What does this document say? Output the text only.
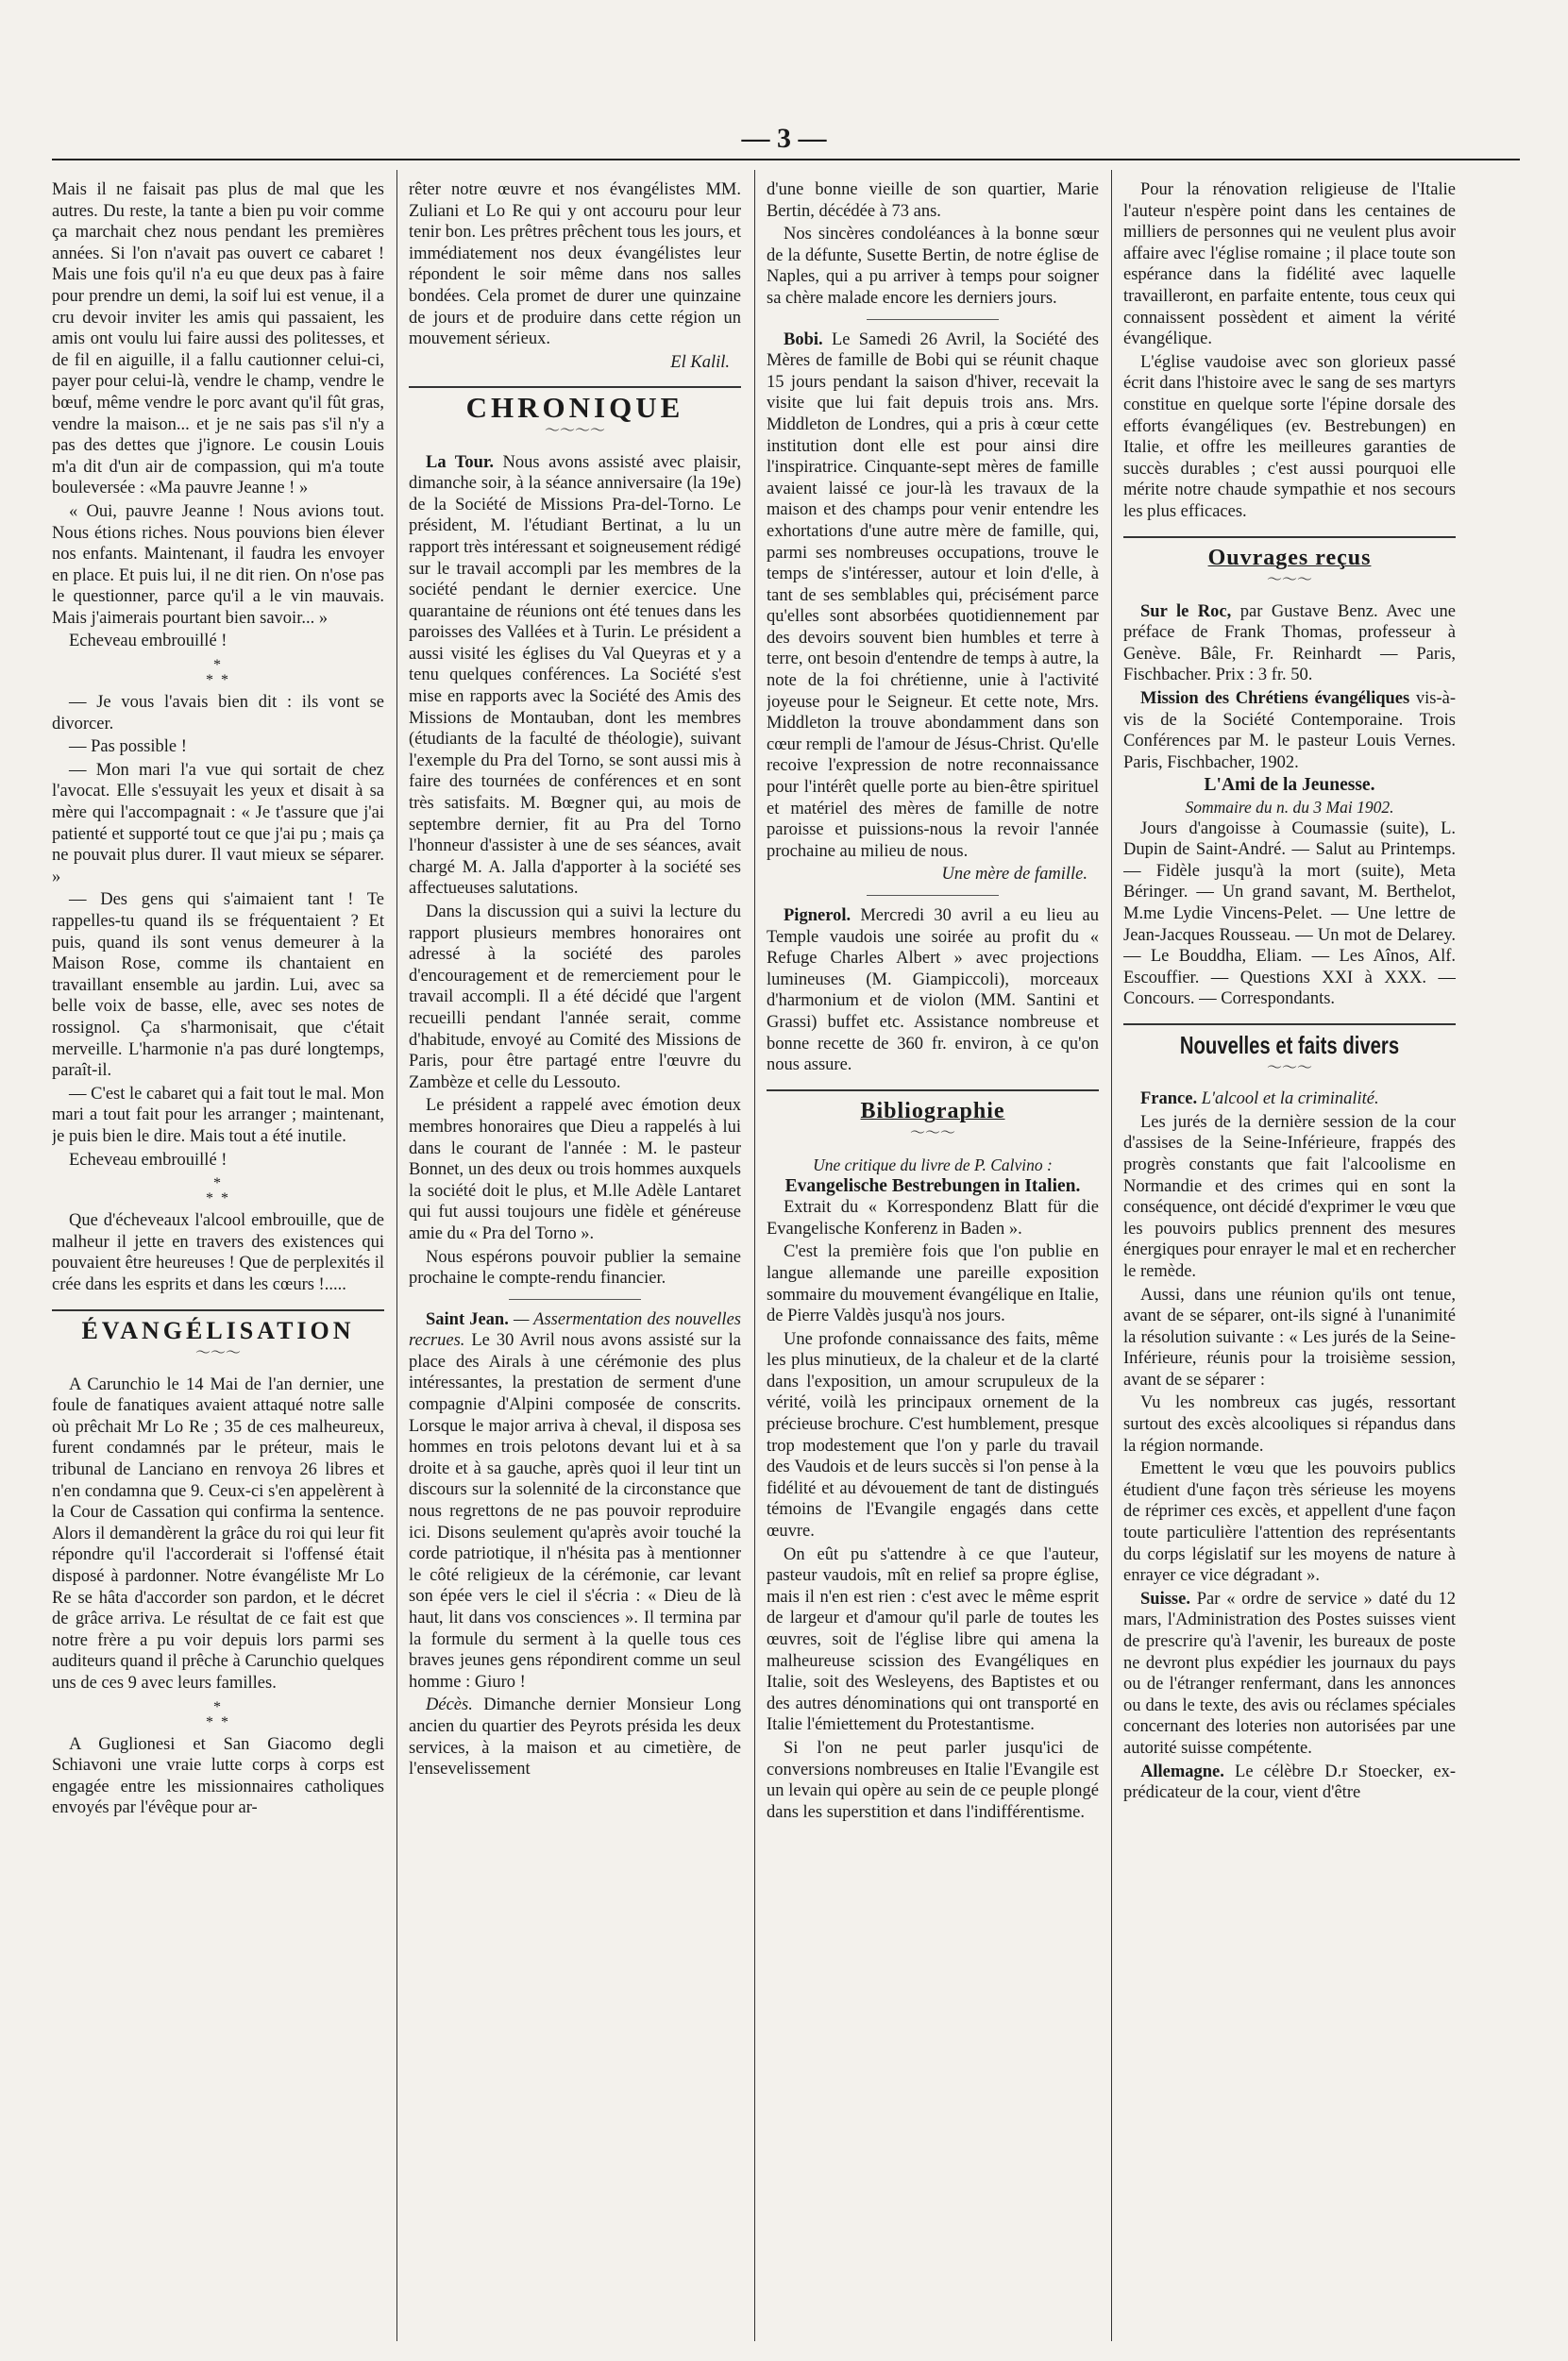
— 3 —

Mais il ne faisait pas plus de mal que les autres. Du reste, la tante a bien pu voir comme ça marchait chez nous pendant les premières années. Si l'on n'avait pas ouvert ce cabaret ! Mais une fois qu'il n'a eu que deux pas à faire pour prendre un demi, la soif lui est venue, il a cru devoir inviter les amis qui passaient, les amis ont voulu lui faire aussi des politesses, et de fil en aiguille, il a fallu cautionner celui-ci, payer pour celui-là, vendre le champ, vendre le bœuf, même vendre le porc avant qu'il fût gras, vendre la maison... et je ne sais pas s'il n'y a pas des dettes que j'ignore. Le cousin Louis m'a dit d'un air de compassion, qui m'a toute bouleversée : «Ma pauvre Jeanne ! »

« Oui, pauvre Jeanne ! Nous avions tout. Nous étions riches. Nous pouvions bien élever nos enfants. Maintenant, il faudra les envoyer en place. Et puis lui, il ne dit rien. On n'ose pas le questionner, parce qu'il a le vin mauvais. Mais j'aimerais pourtant bien savoir... »

Echeveau embrouillé !

*
* *

— Je vous l'avais bien dit : ils vont se divorcer.

— Pas possible !

— Mon mari l'a vue qui sortait de chez l'avocat. Elle s'essuyait les yeux et disait à sa mère qui l'accompagnait : « Je t'assure que j'ai patienté et supporté tout ce que j'ai pu ; mais ça ne pouvait plus durer. Il vaut mieux se séparer. »

— Des gens qui s'aimaient tant ! Te rappelles-tu quand ils se fréquentaient ? Et puis, quand ils sont venus demeurer à la Maison Rose, comme ils chantaient en travaillant ensemble au jardin. Lui, avec sa belle voix de basse, elle, avec ses notes de rossignol. Ça s'harmonisait, que c'était merveille. L'harmonie n'a pas duré longtemps, paraît-il.

— C'est le cabaret qui a fait tout le mal. Mon mari a tout fait pour les arranger ; maintenant, je puis bien le dire. Mais tout a été inutile.

Echeveau embrouillé !

*
* *

Que d'écheveaux l'alcool embrouille, que de malheur il jette en travers des existences qui pouvaient être heureuses ! Que de perplexités il crée dans les esprits et dans les cœurs !.....

ÉVANGÉLISATION
〜〜〜

A Carunchio le 14 Mai de l'an dernier, une foule de fanatiques avaient attaqué notre salle où prêchait Mr Lo Re ; 35 de ces malheureux, furent condamnés par le préteur, mais le tribunal de Lanciano en renvoya 26 libres et n'en condamna que 9. Ceux-ci s'en appelèrent à la Cour de Cassation qui confirma la sentence. Alors il demandèrent la grâce du roi qui leur fit répondre qu'il l'accorderait si l'offensé était disposé à pardonner. Notre évangéliste Mr Lo Re se hâta d'accorder son pardon, et le décret de grâce arriva. Le résultat de ce fait est que notre frère a pu voir depuis lors parmi ses auditeurs quand il prêche à Carunchio quelques uns de ces 9 avec leurs familles.

*
* *

A Guglionesi et San Giacomo degli Schiavoni une vraie lutte corps à corps est engagée entre les missionnaires catholiques envoyés par l'évêque pour ar-

rêter notre œuvre et nos évangélistes MM. Zuliani et Lo Re qui y ont accouru pour leur tenir bon. Les prêtres prêchent tous les jours, et immédiatement nos deux évangélistes leur répondent le soir même dans nos salles bondées. Cela promet de durer une quinzaine de jours et de produire dans cette région un mouvement sérieux.

El Kalil.
CHRONIQUE
〜〜〜〜

La Tour. Nous avons assisté avec plaisir, dimanche soir, à la séance anniversaire (la 19e) de la Société de Missions Pra-del-Torno. Le président, M. l'étudiant Bertinat, a lu un rapport très intéressant et soigneusement rédigé sur le travail accompli par les membres de la société pendant le dernier exercice. Une quarantaine de réunions ont été tenues dans les paroisses des Vallées et à Turin. Le président a aussi visité les églises du Val Queyras et y a tenu quelques conférences. La Société s'est mise en rapports avec la Société des Amis des Missions de Montauban, dont les membres (étudiants de la faculté de théologie), suivant l'exemple du Pra del Torno, se sont aussi mis à faire des tournées de conférences et en sont très satisfaits. M. Bœgner qui, au mois de septembre dernier, fit au Pra del Torno l'honneur d'assister à une de ses séances, avait chargé M. A. Jalla d'apporter à la société ses affectueuses salutations.

Dans la discussion qui a suivi la lecture du rapport plusieurs membres honoraires ont adressé à la société des paroles d'encouragement et de remerciement pour le travail accompli. Il a été décidé que l'argent recueilli pendant l'année serait, comme d'habitude, envoyé au Comité des Missions de Paris, pour être partagé entre l'œuvre du Zambèze et celle du Lessouto.

Le président a rappelé avec émotion deux membres honoraires que Dieu a rappelés à lui dans le courant de l'année : M. le pasteur Bonnet, un des deux ou trois hommes auxquels la société doit le plus, et M.lle Adèle Lantaret qui fut aussi toujours une fidèle et généreuse amie du « Pra del Torno ».

Nous espérons pouvoir publier la semaine prochaine le compte-rendu financier.

Saint Jean. — Assermentation des nouvelles recrues. Le 30 Avril nous avons assisté sur la place des Airals à une cérémonie des plus intéressantes, la prestation de serment d'une compagnie d'Alpini composée de conscrits. Lorsque le major arriva à cheval, il disposa ses hommes en trois pelotons devant lui et à sa droite et à sa gauche, après quoi il leur tint un discours sur la solennité de la circonstance que nous regrettons de ne pas pouvoir reproduire ici. Disons seulement qu'après avoir touché la corde patriotique, il n'hésita pas à mentionner le côté religieux de la cérémonie, car levant son épée vers le ciel il s'écria : « Dieu de là haut, lit dans vos consciences ». Il termina par la formule du serment à la quelle tous ces braves jeunes gens répondirent comme un seul homme : Giuro !

Décès. Dimanche dernier Monsieur Long ancien du quartier des Peyrots présida les deux services, à la maison et au cimetière, de l'ensevelissement

d'une bonne vieille de son quartier, Marie Bertin, décédée à 73 ans.

Nos sincères condoléances à la bonne sœur de la défunte, Susette Bertin, de notre église de Naples, qui a pu arriver à temps pour soigner sa chère malade encore les derniers jours.

Bobi. Le Samedi 26 Avril, la Société des Mères de famille de Bobi qui se réunit chaque 15 jours pendant la saison d'hiver, recevait la visite que lui fait depuis trois ans. Mrs. Middleton de Londres, qui a pris à cœur cette institution dont elle est pour ainsi dire l'inspiratrice. Cinquante-sept mères de famille avaient laissé ce jour-là les travaux de la maison et des champs pour venir entendre les exhortations d'une autre mère de famille, qui, parmi ses nombreuses occupations, trouve le temps de s'intéresser, autour et loin d'elle, à tant de ses semblables qui, précisément parce qu'elles sont absorbées quotidiennement par des devoirs souvent bien humbles et terre à terre, ont besoin d'entendre de temps à autre, la note de la foi chrétienne, unie à l'activité joyeuse pour le Seigneur. Et cette note, Mrs. Middleton la trouve abondamment dans son cœur rempli de l'amour de Jésus-Christ. Qu'elle recoive l'expression de notre reconnaissance pour l'intérêt quelle porte au bien-être spirituel et matériel des mères de famille de notre paroisse et puissions-nous la revoir l'année prochaine au milieu de nous.

Une mère de famille.

Pignerol. Mercredi 30 avril a eu lieu au Temple vaudois une soirée au profit du « Refuge Charles Albert » avec projections lumineuses (M. Giampiccoli), morceaux d'harmonium et de violon (MM. Santini et Grassi) buffet etc. Assistance nombreuse et bonne recette de 360 fr. environ, à ce qu'on nous assure.

Bibliographie
〜〜〜
Une critique du livre de P. Calvino :
Evangelische Bestrebungen in Italien.

Extrait du « Korrespondenz Blatt für die Evangelische Konferenz in Baden ».

C'est la première fois que l'on publie en langue allemande une pareille exposition sommaire du mouvement évangélique en Italie, de Pierre Valdès jusqu'à nos jours.

Une profonde connaissance des faits, même les plus minutieux, de la chaleur et de la clarté dans l'exposition, un amour scrupuleux de la vérité, voilà les principaux ornement de la précieuse brochure. C'est humblement, presque trop modestement que l'on y parle du travail des Vaudois et de leurs succès si l'on pense à la fidélité et au dévouement de tant de distingués témoins de l'Evangile engagés dans cette œuvre.

On eût pu s'attendre à ce que l'auteur, pasteur vaudois, mît en relief sa propre église, mais il n'en est rien : c'est avec le même esprit de largeur et d'amour qu'il parle de toutes les œuvres, soit de l'église libre qui amena la malheureuse scission des Evangéliques en Italie, soit des Wesleyens, des Baptistes et ou des autres dénominations qui ont transporté en Italie l'émiettement du Protestantisme.

Si l'on ne peut parler jusqu'ici de conversions nombreuses en Italie l'Evangile est un levain qui opère au sein de ce peuple plongé dans les superstition et dans l'indifférentisme.

Pour la rénovation religieuse de l'Italie l'auteur n'espère point dans les centaines de milliers de personnes qui ne veulent plus avoir affaire avec l'église romaine ; il place toute son espérance dans la fidélité avec laquelle travailleront, en parfaite entente, tous ceux qui connaissent possèdent et aiment la vérité évangélique.

L'église vaudoise avec son glorieux passé écrit dans l'histoire avec le sang de ses martyrs constitue en quelque sorte l'épine dorsale des efforts évangéliques (ev. Bestrebungen) en Italie, et offre les meilleures garanties de succès durables ; c'est aussi pourquoi elle mérite notre chaude sympathie et nos secours les plus efficaces.

Ouvrages reçus
〜〜〜

Sur le Roc, par Gustave Benz. Avec une préface de Frank Thomas, professeur à Genève. Bâle, Fr. Reinhardt — Paris, Fischbacher. Prix : 3 fr. 50.

Mission des Chrétiens évangéliques vis-à-vis de la Société Contemporaine. Trois Conférences par M. le pasteur Louis Vernes. Paris, Fischbacher, 1902.

L'Ami de la Jeunesse.
Sommaire du n. du 3 Mai 1902.

Jours d'angoisse à Coumassie (suite), L. Dupin de Saint-André. — Salut au Printemps. — Fidèle jusqu'à la mort (suite), Meta Béringer. — Un grand savant, M. Berthelot, M.me Lydie Vincens-Pelet. — Une lettre de Jean-Jacques Rousseau. — Un mot de Delarey. — Le Bouddha, Eliam. — Les Aînos, Alf. Escouffier. — Questions XXI à XXX. — Concours. — Correspondants.

Nouvelles et faits divers
〜〜〜

France. L'alcool et la criminalité.

Les jurés de la dernière session de la cour d'assises de la Seine-Inférieure, frappés des progrès constants que fait l'alcoolisme en Normandie et des crimes qui en sont la conséquence, ont décidé d'exprimer le vœu que les pouvoirs publics prennent des mesures énergiques pour enrayer le mal et en rechercher le remède.

Aussi, dans une réunion qu'ils ont tenue, avant de se séparer, ont-ils signé à l'unanimité la résolution suivante : « Les jurés de la Seine-Inférieure, réunis pour la troisième session, avant de se séparer :

Vu les nombreux cas jugés, ressortant surtout des excès alcooliques si répandus dans la région normande.

Emettent le vœu que les pouvoirs publics étudient d'une façon très sérieuse les moyens de réprimer ces excès, et appellent d'une façon toute particulière l'attention des représentants du corps législatif sur les moyens de nature à enrayer ce vice dégradant ».

Suisse. Par « ordre de service » daté du 12 mars, l'Administration des Postes suisses vient de prescrire qu'à l'avenir, les bureaux de poste ne devront plus expédier les journaux du pays ou de l'étranger renfermant, dans les annonces ou dans le texte, des avis ou réclames spéciales concernant des loteries non autorisées par une autorité suisse compétente.

Allemagne. Le célèbre D.r Stoecker, ex-prédicateur de la cour, vient d'être
